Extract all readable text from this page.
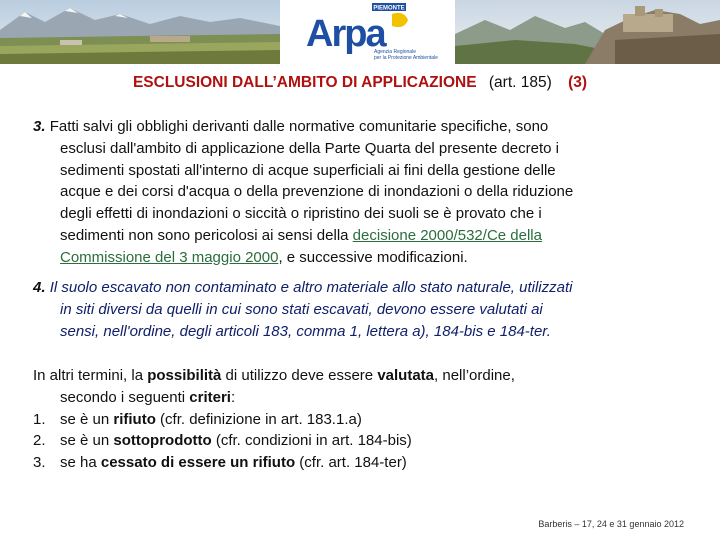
PIEMONTE
Arpa
Agenzia Regionale
per la Protezione Ambientale
ESCLUSIONI DALL’AMBITO DI APPLICAZIONE (art. 185) (3)
3. Fatti salvi gli obblighi derivanti dalle normative comunitarie specifiche, sono
esclusi dall'ambito di applicazione della Parte Quarta del presente decreto i
sedimenti spostati all'interno di acque superficiali ai fini della gestione delle
acque e dei corsi d'acqua o della prevenzione di inondazioni o della riduzione
degli effetti di inondazioni o siccità o ripristino dei suoli se è provato che i
sedimenti non sono pericolosi ai sensi della decisione 2000/532/Ce della
Commissione del 3 maggio 2000, e successive modificazioni.
4. Il suolo escavato non contaminato e altro materiale allo stato naturale, utilizzati
in siti diversi da quelli in cui sono stati escavati, devono essere valutati ai
sensi, nell'ordine, degli articoli 183, comma 1, lettera a), 184-bis e 184-ter.
In altri termini, la possibilità di utilizzo deve essere valutata, nell’ordine,
secondo i seguenti criteri:
1. se è un rifiuto (cfr. definizione in art. 183.1.a)
2. se è un sottoprodotto (cfr. condizioni in art. 184-bis)
3. se ha cessato di essere un rifiuto (cfr. art. 184-ter)
Barberis – 17, 24 e 31 gennaio 2012
